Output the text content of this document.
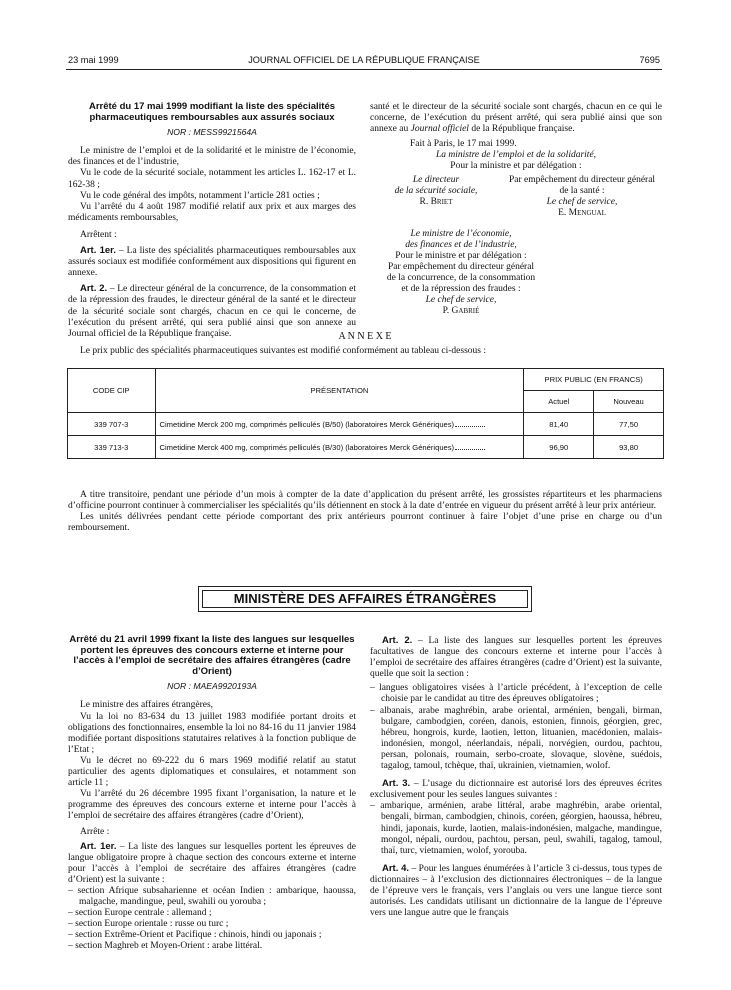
23 mai 1999	JOURNAL OFFICIEL DE LA RÉPUBLIQUE FRANÇAISE	7695

Arrêté du 17 mai 1999 modifiant la liste des spécialités pharmaceutiques remboursables aux assurés sociaux

NOR : MESS9921564A

Le ministre de l’emploi et de la solidarité et le ministre de l’économie, des finances et de l’industrie,

Vu le code de la sécurité sociale, notamment les articles L. 162-17 et L. 162-38 ;

Vu le code général des impôts, notamment l’article 281 octies ;

Vu l’arrêté du 4 août 1987 modifié relatif aux prix et aux marges des médicaments remboursables,

Arrêtent :

Art. 1er. – La liste des spécialités pharmaceutiques remboursables aux assurés sociaux est modifiée conformément aux dispositions qui figurent en annexe.

Art. 2. – Le directeur général de la concurrence, de la consommation et de la répression des fraudes, le directeur général de la santé et le directeur de la sécurité sociale sont chargés, chacun en ce qui le concerne, de l’exécution du présent arrêté, qui sera publié ainsi que son annexe au Journal officiel de la République française.

santé et le directeur de la sécurité sociale sont chargés, chacun en ce qui le concerne, de l’exécution du présent arrêté, qui sera publié ainsi que son annexe au Journal officiel de la République française.

Fait à Paris, le 17 mai 1999.

La ministre de l’emploi et de la solidarité,

Pour la ministre et par délégation :

Le directeur

de la sécurité sociale,

R. Briet

Par empêchement du directeur général

de la santé :

Le chef de service,

E. Mengual

Le ministre de l’économie,

des finances et de l’industrie,

Pour le ministre et par délégation :

Par empêchement du directeur général

de la concurrence, de la consommation

et de la répression des fraudes :

Le chef de service,

P. Gabrié

A N N E X E
Le prix public des spécialités pharmaceutiques suivantes est modifié conformément au tableau ci-dessous :
CODE CIP	PRÉSENTATION	PRIX PUBLIC (EN FRANCS)	
		Actuel	Nouveau
339 707-3	Cimetidine Merck 200 mg, comprimés pelliculés (B/50) (laboratoires Merck Génériques)	81,40	77,50
339 713-3	Cimetidine Merck 400 mg, comprimés pelliculés (B/30) (laboratoires Merck Génériques)	96,90	93,80

A titre transitoire, pendant une période d’un mois à compter de la date d’application du présent arrêté, les grossistes répartiteurs et les pharmaciens d’officine pourront continuer à commercialiser les spécialités qu’ils détiennent en stock à la date d’entrée en vigueur du présent arrêté à leur prix antérieur.

Les unités délivrées pendant cette période comportant des prix antérieurs pourront continuer à faire l’objet d’une prise en charge ou d’un remboursement.

MINISTÈRE DES AFFAIRES ÉTRANGÈRES

Arrêté du 21 avril 1999 fixant la liste des langues sur lesquelles portent les épreuves des concours externe et interne pour l’accès à l’emploi de secrétaire des affaires étrangères (cadre d’Orient)

NOR : MAEA9920193A

Le ministre des affaires étrangères,

Vu la loi no 83-634 du 13 juillet 1983 modifiée portant droits et obligations des fonctionnaires, ensemble la loi no 84-16 du 11 janvier 1984 modifiée portant dispositions statutaires relatives à la fonction publique de l’Etat ;

Vu le décret no 69-222 du 6 mars 1969 modifié relatif au statut particulier des agents diplomatiques et consulaires, et notamment son article 11 ;

Vu l’arrêté du 26 décembre 1995 fixant l’organisation, la nature et le programme des épreuves des concours externe et interne pour l’accès à l’emploi de secrétaire des affaires étrangères (cadre d’Orient),

Arrête :

Art. 1er. – La liste des langues sur lesquelles portent les épreuves de langue obligatoire propre à chaque section des concours externe et interne pour l’accès à l’emploi de secrétaire des affaires étrangères (cadre d’Orient) est la suivante :

– section Afrique subsaharienne et océan Indien : ambarique, haoussa, malgache, mandingue, peul, swahili ou yorouba ;
– section Europe centrale : allemand ;
– section Europe orientale : russe ou turc ;
– section Extrême-Orient et Pacifique : chinois, hindi ou japonais ;
– section Maghreb et Moyen-Orient : arabe littéral.

Art. 2. – La liste des langues sur lesquelles portent les épreuves facultatives de langue des concours externe et interne pour l’accès à l’emploi de secrétaire des affaires étrangères (cadre d’Orient) est la suivante, quelle que soit la section :

– langues obligatoires visées à l’article précédent, à l’exception de celle choisie par le candidat au titre des épreuves obligatoires ;
– albanais, arabe maghrébin, arabe oriental, arménien, bengali, birman, bulgare, cambodgien, coréen, danois, estonien, finnois, géorgien, grec, hébreu, hongrois, kurde, laotien, letton, lituanien, macédonien, malais-indonésien, mongol, néerlandais, népali, norvégien, ourdou, pachtou, persan, polonais, roumain, serbo-croate, slovaque, slovène, suédois, tagalog, tamoul, tchèque, thaï, ukrainien, vietnamien, wolof.

Art. 3. – L’usage du dictionnaire est autorisé lors des épreuves écrites exclusivement pour les seules langues suivantes :

– ambarique, arménien, arabe littéral, arabe maghrébin, arabe oriental, bengali, birman, cambodgien, chinois, coréen, géorgien, haoussa, hébreu, hindi, japonais, kurde, laotien, malais-indonésien, malgache, mandingue, mongol, népali, ourdou, pachtou, persan, peul, swahili, tagalog, tamoul, thaï, turc, vietnamien, wolof, yorouba.

Art. 4. – Pour les langues énumérées à l’article 3 ci-dessus, tous types de dictionnaires – à l’exclusion des dictionnaires électroniques – de la langue de l’épreuve vers le français, vers l’anglais ou vers une langue tierce sont autorisés. Les candidats utilisant un dictionnaire de la langue de l’épreuve vers une langue autre que le français
